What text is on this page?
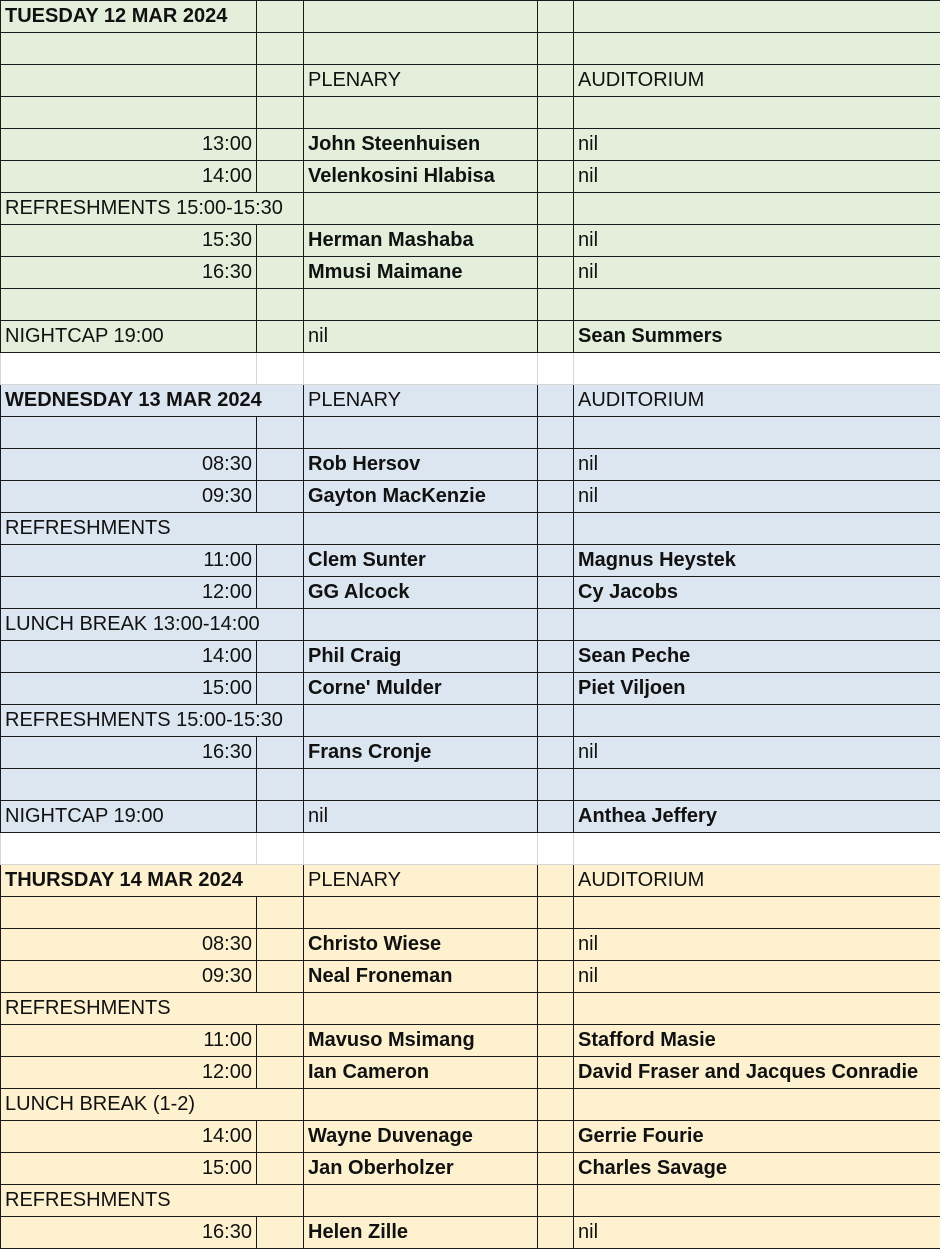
TUESDAY 12 MAR 2024				

		PLENARY		AUDITORIUM

13:00		John Steenhuisen		nil
14:00		Velenkosini Hlabisa		nil
REFRESHMENTS 15:00-15:30				
15:30		Herman Mashaba		nil
16:30		Mmusi Maimane		nil

NIGHTCAP 19:00		nil		Sean Summers

WEDNESDAY 13 MAR 2024		PLENARY		AUDITORIUM

08:30		Rob Hersov		nil
09:30		Gayton MacKenzie		nil
REFRESHMENTS				
11:00		Clem Sunter		Magnus Heystek
12:00		GG Alcock		Cy Jacobs
LUNCH BREAK 13:00-14:00				
14:00		Phil Craig		Sean Peche
15:00		Corne' Mulder		Piet Viljoen
REFRESHMENTS 15:00-15:30				
16:30		Frans Cronje		nil

NIGHTCAP 19:00		nil		Anthea Jeffery

THURSDAY 14 MAR 2024		PLENARY		AUDITORIUM

08:30		Christo Wiese		nil
09:30		Neal Froneman		nil
REFRESHMENTS				
11:00		Mavuso Msimang		Stafford Masie
12:00		Ian Cameron		David Fraser and Jacques Conradie
LUNCH BREAK (1-2)				
14:00		Wayne Duvenage		Gerrie Fourie
15:00		Jan Oberholzer		Charles Savage
REFRESHMENTS				
16:30		Helen Zille		nil
